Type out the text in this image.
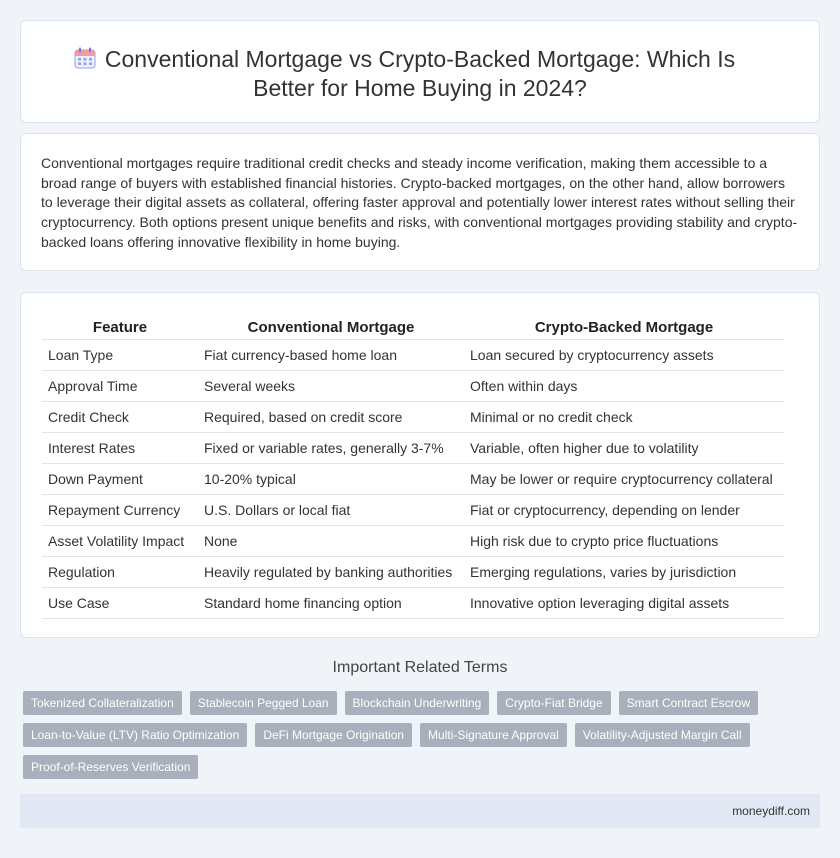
Conventional Mortgage vs Crypto-Backed Mortgage: Which Is
Better for Home Buying in 2024?

Conventional mortgages require traditional credit checks and steady income verification, making them accessible to a broad range of buyers with established financial histories. Crypto-backed mortgages, on the other hand, allow borrowers to leverage their digital assets as collateral, offering faster approval and potentially lower interest rates without selling their cryptocurrency. Both options present unique benefits and risks, with conventional mortgages providing stability and crypto-backed loans offering innovative flexibility in home buying.

Feature	Conventional Mortgage	Crypto-Backed Mortgage
Loan Type	Fiat currency-based home loan	Loan secured by cryptocurrency assets
Approval Time	Several weeks	Often within days
Credit Check	Required, based on credit score	Minimal or no credit check
Interest Rates	Fixed or variable rates, generally 3-7%	Variable, often higher due to volatility
Down Payment	10-20% typical	May be lower or require cryptocurrency collateral
Repayment Currency	U.S. Dollars or local fiat	Fiat or cryptocurrency, depending on lender
Asset Volatility Impact	None	High risk due to crypto price fluctuations
Regulation	Heavily regulated by banking authorities	Emerging regulations, varies by jurisdiction
Use Case	Standard home financing option	Innovative option leveraging digital assets
Important Related Terms
Tokenized Collateralization	Stablecoin Pegged Loan	Blockchain Underwriting	Crypto-Fiat Bridge	Smart Contract Escrow
Loan-to-Value (LTV) Ratio Optimization	DeFi Mortgage Origination	Multi-Signature Approval	Volatility-Adjusted Margin Call
Proof-of-Reserves Verification
moneydiff.com
